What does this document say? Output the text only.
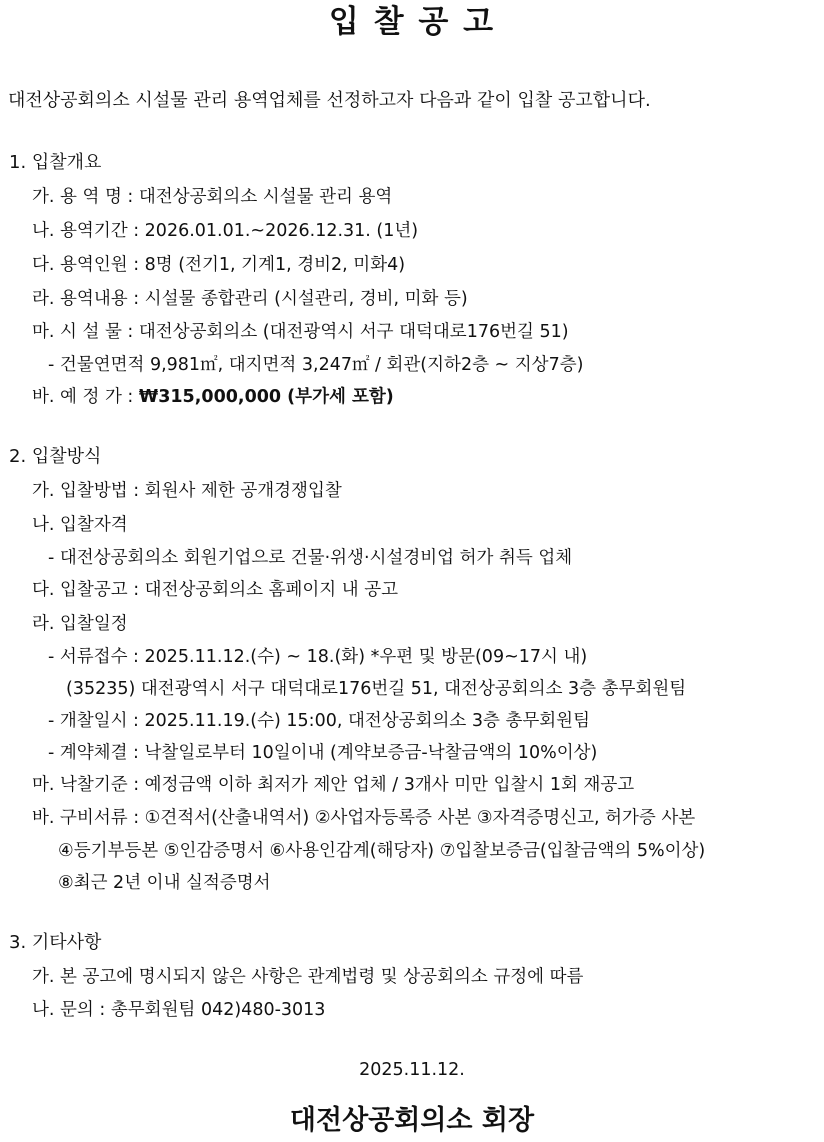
입 찰 공 고

대전상공회의소 시설물 관리 용역업체를 선정하고자 다음과 같이 입찰 공고합니다.

1. 입찰개요

가. 용 역 명 : 대전상공회의소 시설물 관리 용역

나. 용역기간 : 2026.01.01.~2026.12.31. (1년)

다. 용역인원 : 8명 (전기1, 기계1, 경비2, 미화4)

라. 용역내용 : 시설물 종합관리 (시설관리, 경비, 미화 등)

마. 시 설 물 : 대전상공회의소 (대전광역시 서구 대덕대로176번길 51)

- 건물연면적 9,981㎡, 대지면적 3,247㎡ / 회관(지하2층 ~ 지상7층)

바. 예 정 가 : ₩315,000,000 (부가세 포함)

2. 입찰방식

가. 입찰방법 : 회원사 제한 공개경쟁입찰

나. 입찰자격

- 대전상공회의소 회원기업으로 건물·위생·시설경비업 허가 취득 업체

다. 입찰공고 : 대전상공회의소 홈페이지 내 공고

라. 입찰일정

- 서류접수 : 2025.11.12.(수) ~ 18.(화) *우편 및 방문(09~17시 내)

(35235) 대전광역시 서구 대덕대로176번길 51, 대전상공회의소 3층 총무회원팀

- 개찰일시 : 2025.11.19.(수) 15:00, 대전상공회의소 3층 총무회원팀

- 계약체결 : 낙찰일로부터 10일이내 (계약보증금-낙찰금액의 10%이상)

마. 낙찰기준 : 예정금액 이하 최저가 제안 업체 / 3개사 미만 입찰시 1회 재공고

바. 구비서류 : ①견적서(산출내역서) ②사업자등록증 사본 ③자격증명신고, 허가증 사본

④등기부등본 ⑤인감증명서 ⑥사용인감계(해당자) ⑦입찰보증금(입찰금액의 5%이상)

⑧최근 2년 이내 실적증명서

3. 기타사항

가. 본 공고에 명시되지 않은 사항은 관계법령 및 상공회의소 규정에 따름

나. 문의 : 총무회원팀 042)480-3013

2025.11.12.
대전상공회의소 회장
